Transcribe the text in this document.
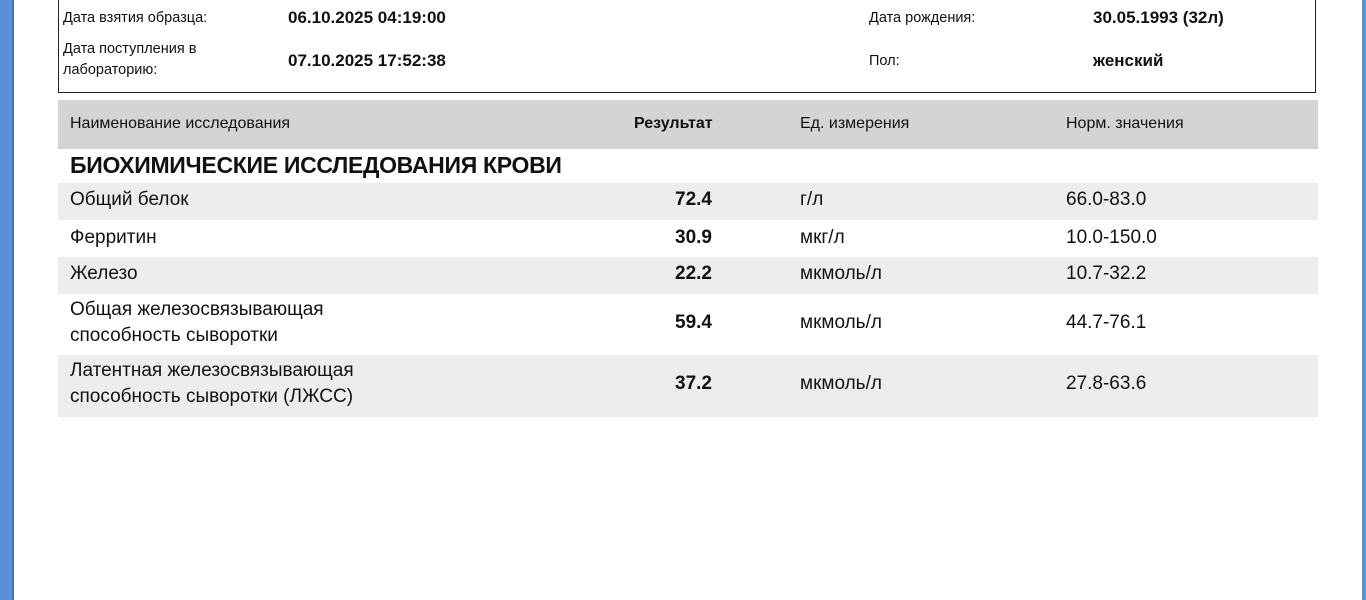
Дата взятия образца:	06.10.2025 04:19:00
Дата поступления в
лабораторию:	07.10.2025 17:52:38
Дата рождения:	30.05.1993 (32л)
Пол:	женский
Наименование исследования	Результат	Ед. измерения	Норм. значения
БИОХИМИЧЕСКИЕ ИССЛЕДОВАНИЯ КРОВИ
Общий белок	72.4	г/л	66.0-83.0
Ферритин	30.9	мкг/л	10.0-150.0
Железо	22.2	мкмоль/л	10.7-32.2
Общая железосвязывающая
способность сыворотки
59.4	мкмоль/л	44.7-76.1
Латентная железосвязывающая
способность сыворотки (ЛЖСС)
37.2	мкмоль/л	27.8-63.6
